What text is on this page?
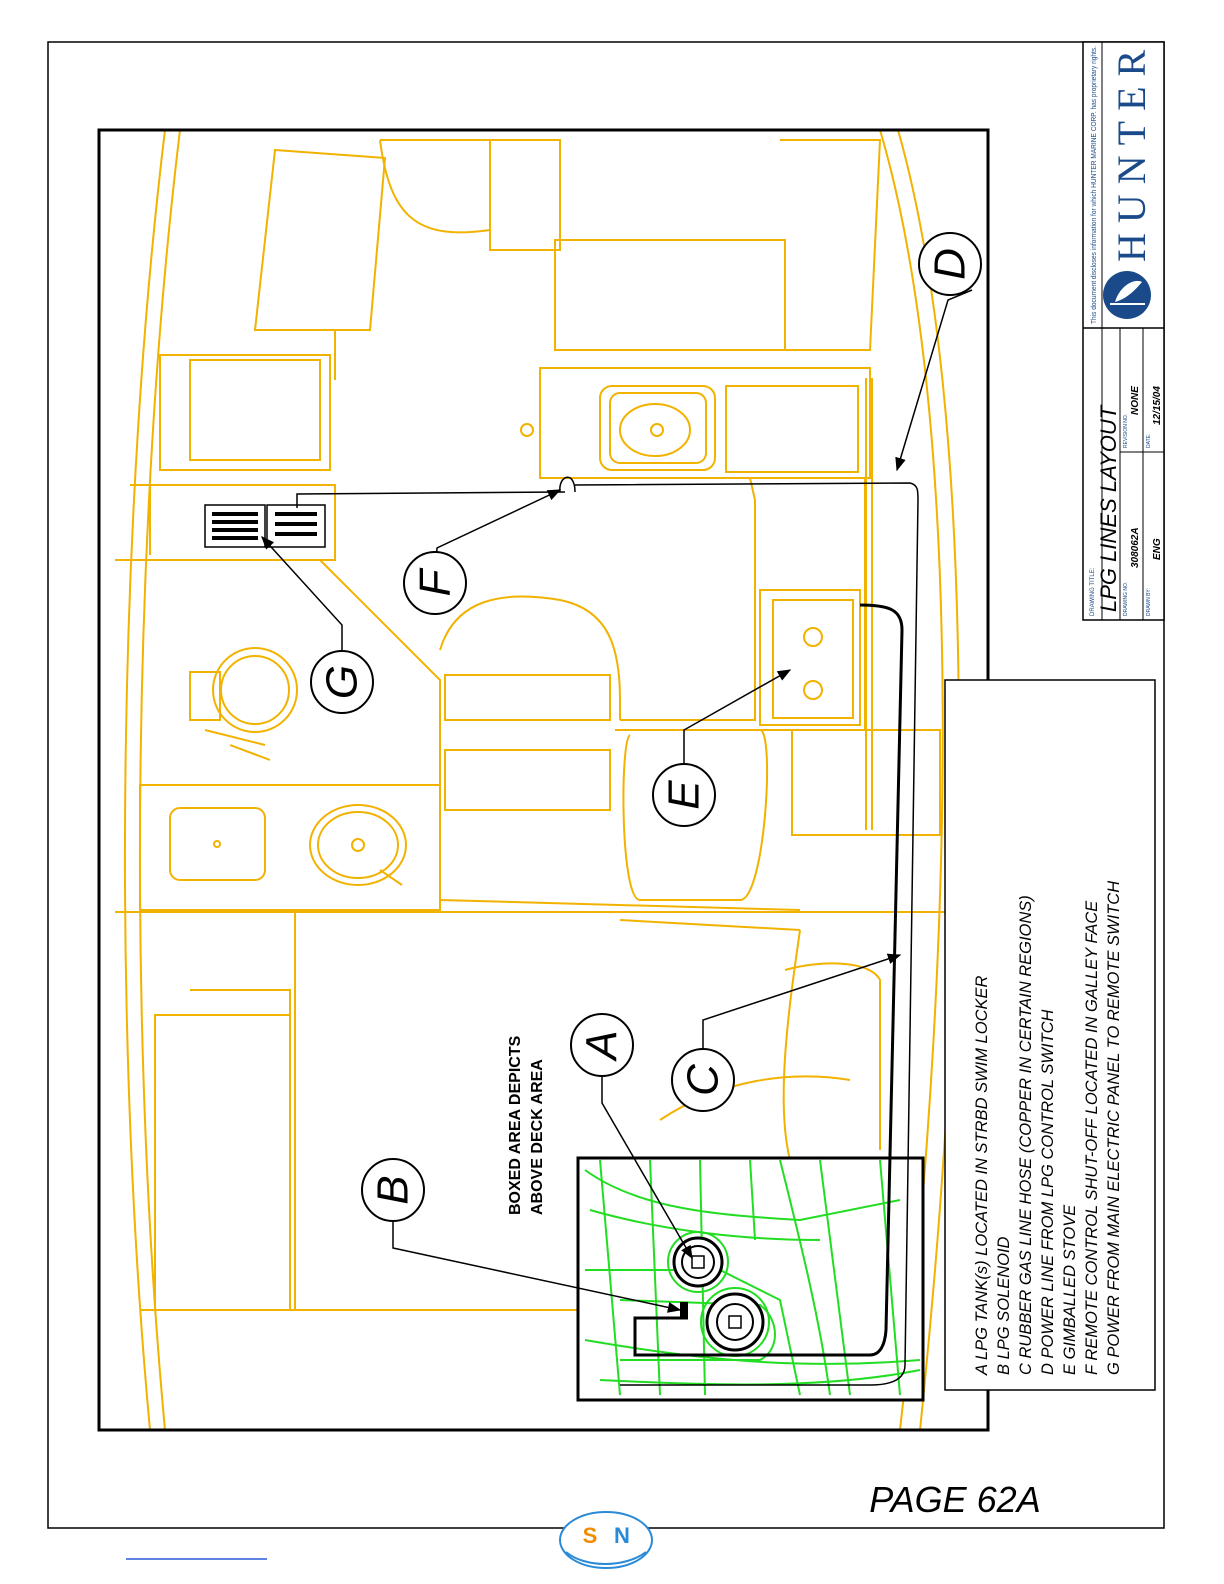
D
F
G
E
A
C
B	BOXED AREA DEPICTS ABOVE DECK AREA	A LPG TANK(s) LOCATED IN STRBD SWIM LOCKER B LPG SOLENOID C RUBBER GAS LINE HOSE (COPPER IN CERTAIN REGIONS) D POWER LINE FROM LPG CONTROL SWITCH E GIMBALLED STOVE F REMOTE CONTROL SHUT-OFF LOCATED IN GALLEY FACE G POWER FROM MAIN ELECTRIC PANEL TO REMOTE SWITCH
DRAWING TITLE: LPG LINES LAYOUT DRAWING NO.
308062A
REVISION NO.
NONE
DRAWN BY:
ENG
DATE:
12/15/04
This document discloses information for which HUNTER MARINE CORP. has proprietary rights. HUNTER
PAGE 62A
S N
